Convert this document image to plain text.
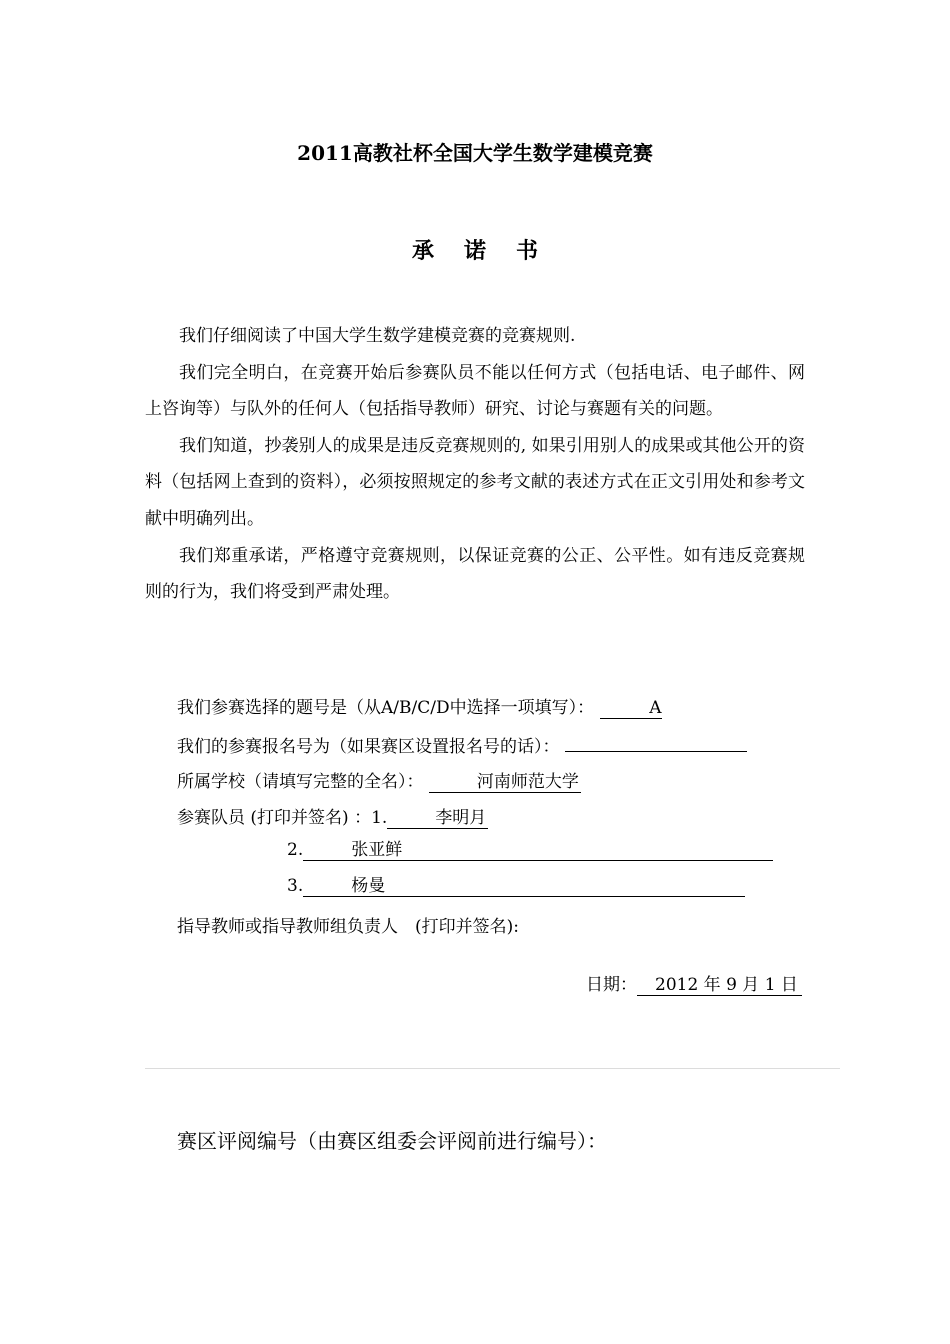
2011高教社杯全国大学生数学建模竞赛
承诺书

我们仔细阅读了中国大学生数学建模竞赛的竞赛规则.

我们完全明白，在竞赛开始后参赛队员不能以任何方式（包括电话、电子邮件、网上咨询等）与队外的任何人（包括指导教师）研究、讨论与赛题有关的问题。

我们知道，抄袭别人的成果是违反竞赛规则的, 如果引用别人的成果或其他公开的资料（包括网上查到的资料），必须按照规定的参考文献的表述方式在正文引用处和参考文献中明确列出。

我们郑重承诺，严格遵守竞赛规则，以保证竞赛的公正、公平性。如有违反竞赛规则的行为，我们将受到严肃处理。

我们参赛选择的题号是（从A/B/C/D中选择一项填写）：	A
我们的参赛报名号为（如果赛区设置报名号的话）：
所属学校（请填写完整的全名）：	河南师范大学
参赛队员 (打印并签名) ：1.	李明月
2.	张亚鲜
3.	杨曼
指导教师或指导教师组负责人　(打印并签名):
日期： 2012 年 9 月 1 日
赛区评阅编号（由赛区组委会评阅前进行编号）：
